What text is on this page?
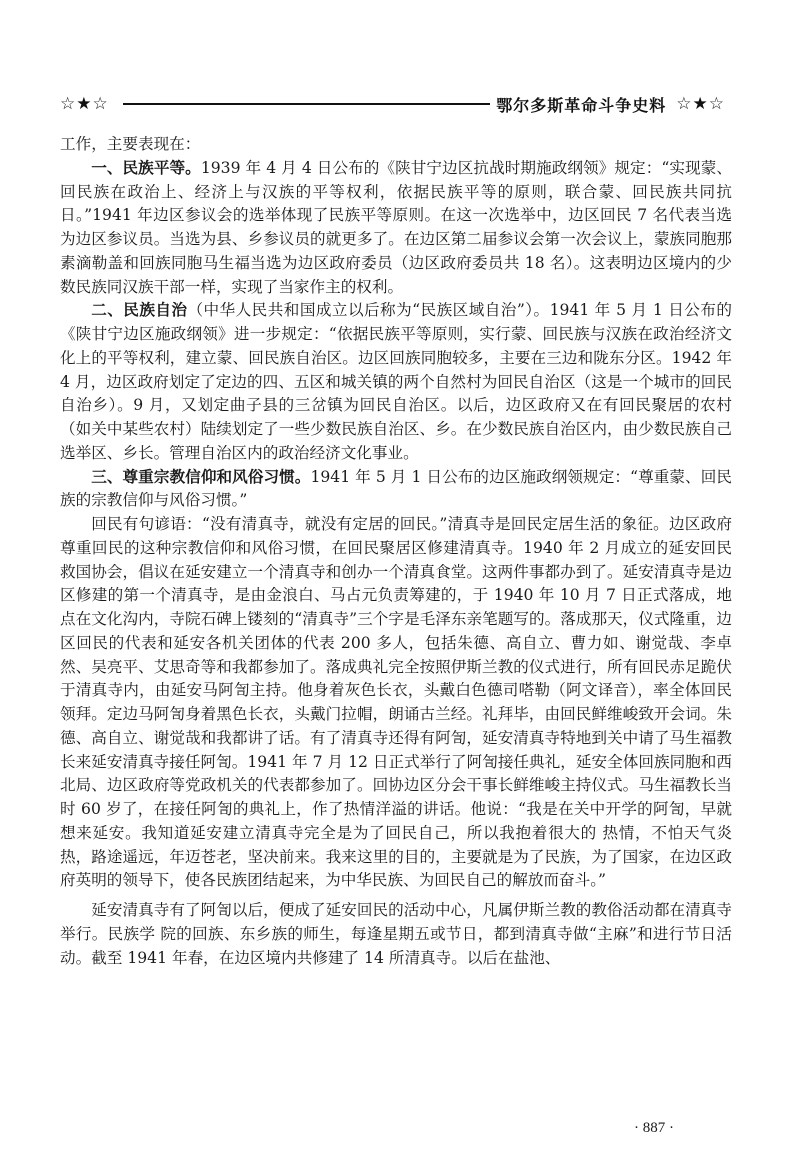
☆★☆	鄂尔多斯革命斗争史料 ☆★☆

工作，主要表现在：

一、民族平等。1939 年 4 月 4 日公布的《陕甘宁边区抗战时期施政纲领》规定：“实现蒙、回民族在政治上、经济上与汉族的平等权利，依据民族平等的原则，联合蒙、回民族共同抗日。”1941 年边区参议会的选举体现了民族平等原则。在这一次选举中，边区回民 7 名代表当选为边区参议员。当选为县、乡参议员的就更多了。在边区第二届参议会第一次会议上，蒙族同胞那素滴勒盖和回族同胞马生福当选为边区政府委员（边区政府委员共 18 名）。这表明边区境内的少数民族同汉族干部一样，实现了当家作主的权利。

二、民族自治（中华人民共和国成立以后称为“民族区域自治”）。1941 年 5 月 1 日公布的《陕甘宁边区施政纲领》进一步规定：“依据民族平等原则，实行蒙、回民族与汉族在政治经济文化上的平等权利，建立蒙、回民族自治区。边区回族同胞较多，主要在三边和陇东分区。1942 年 4 月，边区政府划定了定边的四、五区和城关镇的两个自然村为回民自治区（这是一个城市的回民自治乡）。9 月，又划定曲子县的三岔镇为回民自治区。以后，边区政府又在有回民聚居的农村（如关中某些农村）陆续划定了一些少数民族自治区、乡。在少数民族自治区内，由少数民族自己选举区、乡长。管理自治区内的政治经济文化事业。

三、尊重宗教信仰和风俗习惯。1941 年 5 月 1 日公布的边区施政纲领规定：“尊重蒙、回民族的宗教信仰与风俗习惯。”

回民有句谚语：“没有清真寺，就没有定居的回民。”清真寺是回民定居生活的象征。边区政府尊重回民的这种宗教信仰和风俗习惯，在回民聚居区修建清真寺。1940 年 2 月成立的延安回民救国协会，倡议在延安建立一个清真寺和创办一个清真食堂。这两件事都办到了。延安清真寺是边区修建的第一个清真寺，是由金浪白、马占元负责筹建的，于 1940 年 10 月 7 日正式落成，地点在文化沟内，寺院石碑上镂刻的“清真寺”三个字是毛泽东亲笔题写的。落成那天，仪式隆重，边区回民的代表和延安各机关团体的代表 200 多人，包括朱德、高自立、曹力如、谢觉哉、李卓然、吴亮平、艾思奇等和我都参加了。落成典礼完全按照伊斯兰教的仪式进行，所有回民赤足跪伏于清真寺内，由延安马阿訇主持。他身着灰色长衣，头戴白色德司嗒勒（阿文译音），率全体回民领拜。定边马阿訇身着黑色长衣，头戴门拉帽，朗诵古兰经。礼拜毕，由回民鲜维峻致开会词。朱德、高自立、谢觉哉和我都讲了话。有了清真寺还得有阿訇，延安清真寺特地到关中请了马生福教长来延安清真寺接任阿訇。1941 年 7 月 12 日正式举行了阿訇接任典礼，延安全体回族同胞和西北局、边区政府等党政机关的代表都参加了。回协边区分会干事长鲜维峻主持仪式。马生福教长当时 60 岁了，在接任阿訇的典礼上，作了热情洋溢的讲话。他说：“我是在关中开学的阿訇，早就想来延安。我知道延安建立清真寺完全是为了回民自己，所以我抱着很大的 热情，不怕天气炎热，路途遥远，年迈苍老，坚决前来。我来这里的目的，主要就是为了民族，为了国家，在边区政府英明的领导下，使各民族团结起来，为中华民族、为回民自己的解放而奋斗。”

延安清真寺有了阿訇以后，便成了延安回民的活动中心，凡属伊斯兰教的教俗活动都在清真寺举行。民族学 院的回族、东乡族的师生，每逢星期五或节日，都到清真寺做“主麻”和进行节日活动。截至 1941 年春，在边区境内共修建了 14 所清真寺。以后在盐池、

· 887 ·
